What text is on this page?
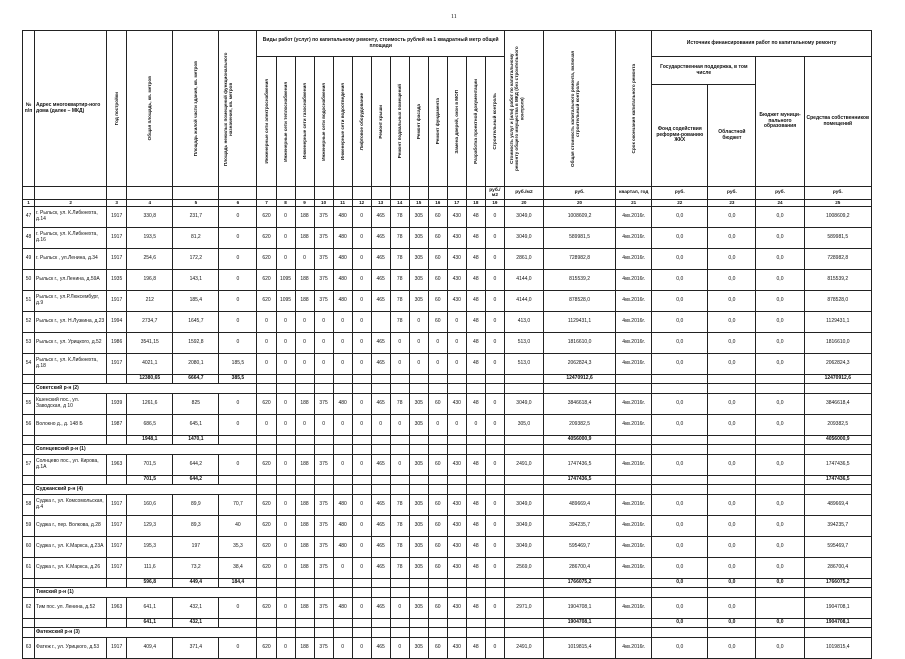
11
№ п/п	Адрес многоквартир-ного дома (далее – МКД)	Год постройки	Общая площадь, кв. метров	Площадь жилой части здания, кв. метров	Площадь нежилых помещений функционального назначения, кв. метров	Виды работ (услуг) по капитальному ремонту, стоимость рублей на 1 квадратный метр общей площади													Стоимость услуг и (или) работ по капитальному ремонту общего имущества в МКД (без строительного контроля)	Общая стоимость капитального ремонта, включая строительный контроль	Срок окончания капитального ремонта	Источник финансирования работ по капитальному ремонту			

						Инженерные сети электроснабжения	Инженерные сети теплоснабжения	Инженерные сети газоснабжения	Инженерные сети водоснабжения	Инженерные сети водоотведения	Лифтовое оборудование	Ремонт крыши	Ремонт подвальных помещений	Ремонт фасада	Ремонт фундамента	Замена дверей, окон в МОП	Разработка проектной документации	Строительный контроль				Государственная поддержка, в том числе		Бюджет муници-пального образования	Средства собственников помещений
																						Фонд содействия реформи-рованию ЖКХ	Областной бюджет		
																		руб./м2	руб./м2	руб.	квартал, год	руб.	руб.	руб.	руб.
1	2	3	4	5	6	7	8	9	10	11	12	13	14	15	16	17	18	19	20	20	21	22	23	24	25
47	г. Рыльск, ул. К.Либкнехта, д.14	1917	330,8	231,7	0	620	0	188	375	480	0	465	78	305	60	430	48	0	3049,0	1008609,2	4кв.2016г.	0,0	0,0	0,0	1008609,2
48	г. Рыльск, ул. К.Либкнехта, д.16	1917	193,5	81,2	0	620	0	188	375	480	0	465	78	305	60	430	48	0	3049,0	589981,5	4кв.2016г.	0,0	0,0	0,0	589981,5
49	г. Рыльск , ул.Ленина, д.34	1917	254,6	172,2	0	620	0	0	375	480	0	465	78	305	60	430	48	0	2861,0	728982,8	4кв.2016г.	0,0	0,0	0,0	728982,8
50	Рыльск г., ул.Ленина, д.59А	1935	196,8	143,1	0	620	1095	188	375	480	0	465	78	305	60	430	48	0	4144,0	815539,2	4кв.2016г.	0,0	0,0	0,0	815539,2
51	Рыльск г., ул.Р.Люксембург, д.9	1917	212	185,4	0	620	1095	188	375	480	0	465	78	305	60	430	48	0	4144,0	878528,0	4кв.2016г.	0,0	0,0	0,0	878528,0
52	Рыльск г., ул. Н.Лузкина, д.23	1994	2734,7	1645,7	0	0	0	0	0	0	0		78	0	60	0	48	0	413,0	1129431,1	4кв.2016г.	0,0	0,0	0,0	1129431,1
53	Рыльск г., ул. Урицкого, д.52	1986	3541,15	1592,8	0	0	0	0	0	0	0	465	0	0	0	0	48	0	513,0	1816610,0	4кв.2016г.	0,0	0,0	0,0	1816610,0
54	Рыльск г., ул. К.Либкнехта, д.18	1917	4021,1	2080,1	185,5	0	0	0	0	0	0	465	0	0	0	0	48	0	513,0	2062824,3	4кв.2016г.	0,0	0,0	0,0	2062824,3
			12380,65	6664,7	385,5															12470912,6					12470912,6
	Советский р-н (2)																								
55	Кшенский пос., ул. Заводская, д 10	1939	1261,6	825	0	620	0	188	375	480	0	465	78	305	60	430	48	0	3049,0	3846618,4	4кв.2016г.	0,0	0,0	0,0	3846618,4
56	Волокно д., д. 148 Б	1987	686,5	645,1	0	0	0	0	0	0	0	0	0	305	0	0	0	0	305,0	209382,5	4кв.2016г.	0,0	0,0	0,0	209382,5
			1948,1	1470,1																4056000,9					4056000,9
	Солнцевский р-н (1)																								
57	Солнцево пос., ул. Кирова, д.1А	1963	701,5	644,2	0	620	0	188	375	0	0	465	0	305	60	430	48	0	2491,0	1747436,5	4кв.2016г.	0,0	0,0	0,0	1747436,5
			701,5	644,2																1747436,5					1747436,5
	Суджанский р-н (4)																								
58	Суджа г., ул. Комсомольская, д.4	1917	160,6	89,9	70,7	620	0	188	375	480	0	465	78	305	60	430	48	0	3049,0	489669,4	4кв.2016г.	0,0	0,0	0,0	489669,4
59	Суджа г., пер. Волкова, д.28	1917	129,3	89,3	40	620	0	188	375	480	0	465	78	305	60	430	48	0	3049,0	394235,7	4кв.2016г.	0,0	0,0	0,0	394235,7
60	Суджа г., ул. К.Маркса, д.23А	1917	195,3	197	35,3	620	0	188	375	480	0	465	78	305	60	430	48	0	3049,0	595469,7	4кв.2016г.	0,0	0,0	0,0	595469,7
61	Суджа г., ул. К.Маркса, д.26	1917	111,6	73,2	38,4	620	0	188	375	0	0	465	78	305	60	430	48	0	2569,0	286700,4	4кв.2016г.	0,0	0,0	0,0	286700,4
			596,8	449,4	184,4															1766075,2		0,0	0,0	0,0	1766075,2
	Тимский р-н (1)																								
62	Тим пос. ул. Ленина, д.52	1963	641,1	432,1	0	620	0	188	375	480	0	465	0	305	60	430	48	0	2971,0	1904708,1	4кв.2016г.	0,0	0,0		1904708,1
			641,1	432,1																1904708,1		0,0	0,0	0,0	1904708,1
	Фатежский р-н (3)																								
63	Фатеж г., ул. Урицкого, д.53	1917	409,4	371,4	0	620	0	188	375	0	0	465	0	305	60	430	48	0	2491,0	1019815,4	4кв.2016г.	0,0	0,0	0,0	1019815,4
